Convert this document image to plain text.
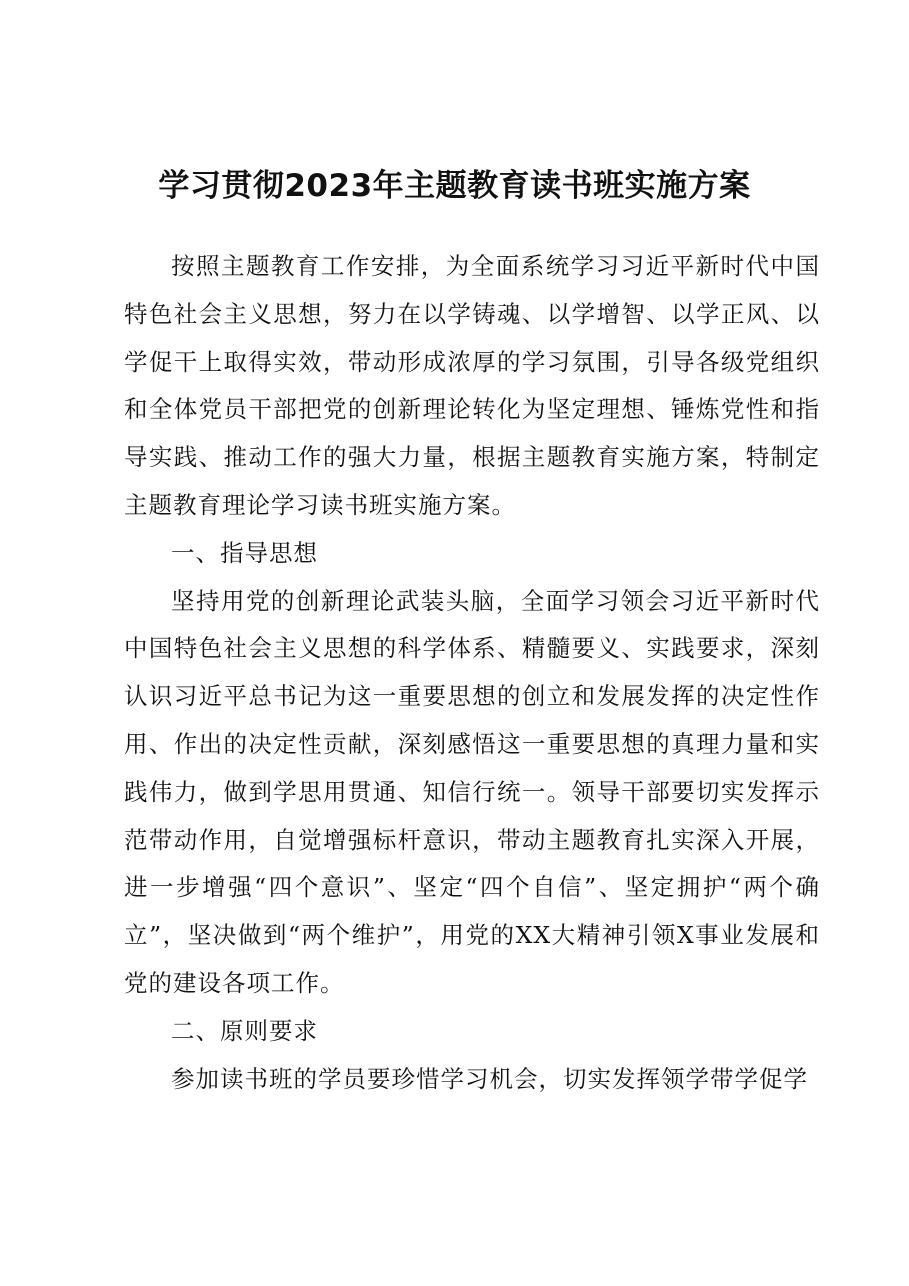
学习贯彻2023年主题教育读书班实施方案

按照主题教育工作安排，为全面系统学习习近平新时代中国特色社会主义思想，努力在以学铸魂、以学增智、以学正风、以学促干上取得实效，带动形成浓厚的学习氛围，引导各级党组织和全体党员干部把党的创新理论转化为坚定理想、锤炼党性和指导实践、推动工作的强大力量，根据主题教育实施方案，特制定主题教育理论学习读书班实施方案。

一、指导思想

坚持用党的创新理论武装头脑，全面学习领会习近平新时代中国特色社会主义思想的科学体系、精髓要义、实践要求，深刻认识习近平总书记为这一重要思想的创立和发展发挥的决定性作用、作出的决定性贡献，深刻感悟这一重要思想的真理力量和实践伟力，做到学思用贯通、知信行统一。领导干部要切实发挥示范带动作用，自觉增强标杆意识，带动主题教育扎实深入开展，进一步增强“四个意识”、坚定“四个自信”、坚定拥护“两个确立”，坚决做到“两个维护”，用党的XX大精神引领X事业发展和党的建设各项工作。

二、原则要求

参加读书班的学员要珍惜学习机会，切实发挥领学带学促学
